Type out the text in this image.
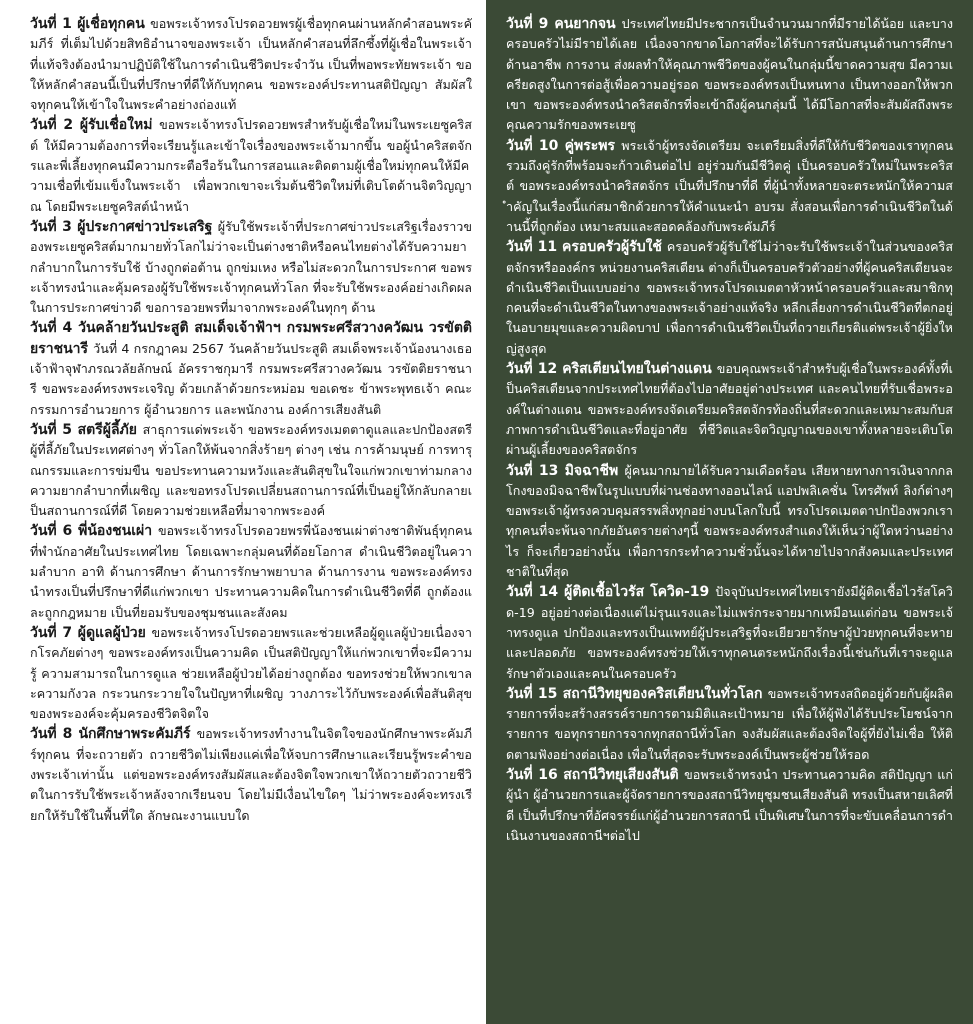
วันที่ 1 ผู้เชื่อทุกคน ขอพระเจ้าทรงโปรดอวยพรผู้เชื่อทุกคนผ่านหลักคำสอนพระคัมภีร์ ที่เต็มไปด้วยสิทธิอำนาจของพระเจ้า เป็นหลักคำสอนที่ลึกซึ้งที่ผู้เชื่อในพระเจ้าที่แท้จริงต้องนำมาปฏิบัติใช้ในการดำเนินชีวิตประจำวัน เป็นที่พอพระทัยพระเจ้า ขอให้หลักคำสอนนี้เป็นที่ปรึกษาที่ดีให้กับทุกคน ขอพระองค์ประทานสติปัญญา สัมผัสใจทุกคนให้เข้าใจในพระคำอย่างถ่องแท้

วันที่ 2 ผู้รับเชื่อใหม่ ขอพระเจ้าทรงโปรดอวยพรสำหรับผู้เชื่อใหม่ในพระเยซูคริสต์ ให้มีความต้องการที่จะเรียนรู้และเข้าใจเรื่องของพระเจ้ามากขึ้น ขอผู้นำคริสตจักรและพี่เลี้ยงทุกคนมีความกระตือรือร้นในการสอนและติดตามผู้เชื่อใหม่ทุกคนให้มีความเชื่อที่เข้มแข็งในพระเจ้า เพื่อพวกเขาจะเริ่มต้นชีวิตใหม่ที่เติบโตด้านจิตวิญญาณ โดยมีพระเยซูคริสต์นำหน้า

วันที่ 3 ผู้ประกาศข่าวประเสริฐ ผู้รับใช้พระเจ้าที่ประกาศข่าวประเสริฐเรื่องราวของพระเยซูคริสต์มากมายทั่วโลกไม่ว่าจะเป็นต่างชาติหรือคนไทยต่างได้รับความยากลำบากในการรับใช้ บ้างถูกต่อต้าน ถูกข่มเหง หรือไม่สะดวกในการประกาศ ขอพระเจ้าทรงนำและคุ้มครองผู้รับใช้พระเจ้าทุกคนทั่วโลก ที่จะรับใช้พระองค์อย่างเกิดผลในการประกาศข่าวดี ขอการอวยพรที่มาจากพระองค์ในทุกๆ ด้าน

วันที่ 4 วันคล้ายวันประสูติ สมเด็จเจ้าฟ้าฯ กรมพระศรีสวางควัฒน วรขัตติยราชนารี วันที่ 4 กรกฎาคม 2567 วันคล้ายวันประสูติ สมเด็จพระเจ้าน้องนางเธอ เจ้าฟ้าจุฬาภรณวลัยลักษณ์ อัครราชกุมารี กรมพระศรีสวางควัฒน วรขัตติยราชนารี ขอพระองค์ทรงพระเจริญ ด้วยเกล้าด้วยกระหม่อม ขอเดชะ ข้าพระพุทธเจ้า คณะกรรมการอำนวยการ ผู้อำนวยการ และพนักงาน องค์การเสียงสันติ

วันที่ 5 สตรีผู้ลี้ภัย สาธุการแด่พระเจ้า ขอพระองค์ทรงเมตตาดูแลและปกป้องสตรีผู้ที่ลี้ภัยในประเทศต่างๆ ทั่วโลกให้พ้นจากสิ่งร้ายๆ ต่างๆ เช่น การค้ามนุษย์ การทารุณกรรมและการข่มขืน ขอประทานความหวังและสันติสุขในใจแก่พวกเขาท่ามกลางความยากลำบากที่เผชิญ และขอทรงโปรดเปลี่ยนสถานการณ์ที่เป็นอยู่ให้กลับกลายเป็นสถานการณ์ที่ดี โดยความช่วยเหลือที่มาจากพระองค์

วันที่ 6 พี่น้องชนเผ่า ขอพระเจ้าทรงโปรดอวยพรพี่น้องชนเผ่าต่างชาติพันธุ์ทุกคนที่พำนักอาศัยในประเทศไทย โดยเฉพาะกลุ่มคนที่ด้อยโอกาส ดำเนินชีวิตอยู่ในความลำบาก อาทิ ด้านการศึกษา ด้านการรักษาพยาบาล ด้านการงาน ขอพระองค์ทรงนำทรงเป็นที่ปรึกษาที่ดีแก่พวกเขา ประทานความคิดในการดำเนินชีวิตที่ดี ถูกต้องและถูกกฎหมาย เป็นที่ยอมรับของชุมชนและสังคม

วันที่ 7 ผู้ดูแลผู้ป่วย ขอพระเจ้าทรงโปรดอวยพรและช่วยเหลือผู้ดูแลผู้ป่วยเนื่องจากโรคภัยต่างๆ ขอพระองค์ทรงเป็นความคิด เป็นสติปัญญาให้แก่พวกเขาที่จะมีความรู้ ความสามารถในการดูแล ช่วยเหลือผู้ป่วยได้อย่างถูกต้อง ขอทรงช่วยให้พวกเขาละความกังวล กระวนกระวายใจในปัญหาที่เผชิญ วางภาระไว้กับพระองค์เพื่อสันติสุขของพระองค์จะคุ้มครองชีวิตจิตใจ

วันที่ 8 นักศึกษาพระคัมภีร์ ขอพระเจ้าทรงทำงานในจิตใจของนักศึกษาพระคัมภีร์ทุกคน ที่จะถวายตัว ถวายชีวิตไม่เพียงแค่เพื่อให้จบการศึกษาและเรียนรู้พระคำของพระเจ้าเท่านั้น แต่ขอพระองค์ทรงสัมผัสและต้องจิตใจพวกเขาให้ถวายตัวถวายชีวิตในการรับใช้พระเจ้าหลังจากเรียนจบ โดยไม่มีเงื่อนไขใดๆ ไม่ว่าพระองค์จะทรงเรียกให้รับใช้ในพื้นที่ใด ลักษณะงานแบบใด

วันที่ 9 คนยากจน ประเทศไทยมีประชากรเป็นจำนวนมากที่มีรายได้น้อย และบางครอบครัวไม่มีรายได้เลย เนื่องจากขาดโอกาสที่จะได้รับการสนับสนุนด้านการศึกษา ด้านอาชีพ การงาน ส่งผลทำให้คุณภาพชีวิตของผู้คนในกลุ่มนี้ขาดความสุข มีความเครียดสูงในการต่อสู้เพื่อความอยู่รอด ขอพระองค์ทรงเป็นหนทาง เป็นทางออกให้พวกเขา ขอพระองค์ทรงนำคริสตจักรที่จะเข้าถึงผู้คนกลุ่มนี้ ได้มีโอกาสที่จะสัมผัสถึงพระคุณความรักของพระเยซู

วันที่ 10 คู่พระพร พระเจ้าผู้ทรงจัดเตรียม จะเตรียมสิ่งที่ดีให้กับชีวิตของเราทุกคนรวมถึงคู่รักที่พร้อมจะก้าวเดินต่อไป อยู่ร่วมกันมีชีวิตคู่ เป็นครอบครัวใหม่ในพระคริสต์ ขอพระองค์ทรงนำคริสตจักร เป็นที่ปรึกษาที่ดี ที่ผู้นำทั้งหลายจะตระหนักให้ความสำคัญในเรื่องนี้แก่สมาชิกด้วยการให้คำแนะนำ อบรม สั่งสอนเพื่อการดำเนินชีวิตในด้านนี้ที่ถูกต้อง เหมาะสมและสอดคล้องกับพระคัมภีร์

วันที่ 11 ครอบครัวผู้รับใช้ ครอบครัวผู้รับใช้ไม่ว่าจะรับใช้พระเจ้าในส่วนของคริสตจักรหรือองค์กร หน่วยงานคริสเตียน ต่างก็เป็นครอบครัวตัวอย่างที่ผู้คนคริสเตียนจะดำเนินชีวิตเป็นแบบอย่าง ขอพระเจ้าทรงโปรดเมตตาหัวหน้าครอบครัวและสมาชิกทุกคนที่จะดำเนินชีวิตในทางของพระเจ้าอย่างแท้จริง หลีกเลี่ยงการดำเนินชีวิตที่ตกอยู่ในอบายมุขและความผิดบาป เพื่อการดำเนินชีวิตเป็นที่ถวายเกียรติแด่พระเจ้าผู้ยิ่งใหญ่สูงสุด

วันที่ 12 คริสเตียนไทยในต่างแดน ขอบคุณพระเจ้าสำหรับผู้เชื่อในพระองค์ทั้งที่เป็นคริสเตียนจากประเทศไทยที่ต้องไปอาศัยอยู่ต่างประเทศ และคนไทยที่รับเชื่อพระองค์ในต่างแดน ขอพระองค์ทรงจัดเตรียมคริสตจักรท้องถิ่นที่สะดวกและเหมาะสมกับสภาพการดำเนินชีวิตและที่อยู่อาศัย ที่ชีวิตและจิตวิญญาณของเขาทั้งหลายจะเติบโตผ่านผู้เลี้ยงของคริสตจักร

วันที่ 13 มิจฉาชีพ ผู้คนมากมายได้รับความเดือดร้อน เสียหายทางการเงินจากกลโกงของมิจฉาชีพในรูปแบบที่ผ่านช่องทางออนไลน์ แอปพลิเคชั่น โทรศัพท์ ลิงก์ต่างๆ ขอพระเจ้าผู้ทรงควบคุมสรรพสิ่งทุกอย่างบนโลกใบนี้ ทรงโปรดเมตตาปกป้องพวกเราทุกคนที่จะพ้นจากภัยอันตรายต่างๆนี้ ขอพระองค์ทรงสำแดงให้เห็นว่าผู้ใดหว่านอย่างไร ก็จะเกี่ยวอย่างนั้น เพื่อการกระทำความชั่วนั้นจะได้หายไปจากสังคมและประเทศชาติในที่สุด

วันที่ 14 ผู้ติดเชื้อไวรัส โควิด-19 ปัจจุบันประเทศไทยเรายังมีผู้ติดเชื้อไวรัสโควิด-19 อยู่อย่างต่อเนื่องแต่ไม่รุนแรงและไม่แพร่กระจายมากเหมือนแต่ก่อน ขอพระเจ้าทรงดูแล ปกป้องและทรงเป็นแพทย์ผู้ประเสริฐที่จะเยียวยารักษาผู้ป่วยทุกคนที่จะหายและปลอดภัย ขอพระองค์ทรงช่วยให้เราทุกคนตระหนักถึงเรื่องนี้เช่นกันที่เราจะดูแล รักษาตัวเองและคนในครอบครัว

วันที่ 15 สถานีวิทยุของคริสเตียนในทั่วโลก ขอพระเจ้าทรงสถิตอยู่ด้วยกับผู้ผลิตรายการที่จะสร้างสรรค์รายการตามมิติและเป้าหมาย เพื่อให้ผู้ฟังได้รับประโยชน์จากรายการ ขอทุกรายการจากทุกสถานีทั่วโลก จงสัมผัสและต้องจิตใจผู้ที่ยังไม่เชื่อ ให้ติดตามฟังอย่างต่อเนื่อง เพื่อในที่สุดจะรับพระองค์เป็นพระผู้ช่วยให้รอด

วันที่ 16 สถานีวิทยุเสียงสันติ ขอพระเจ้าทรงนำ ประทานความคิด สติปัญญา แก่ผู้นำ ผู้อำนวยการและผู้จัดรายการของสถานีวิทยุชุมชนเสียงสันติ ทรงเป็นสหายเลิศที่ดี เป็นที่ปรึกษาที่อัศจรรย์แก่ผู้อำนวยการสถานี เป็นพิเศษในการที่จะขับเคลื่อนการดำเนินงานของสถานีฯต่อไป
